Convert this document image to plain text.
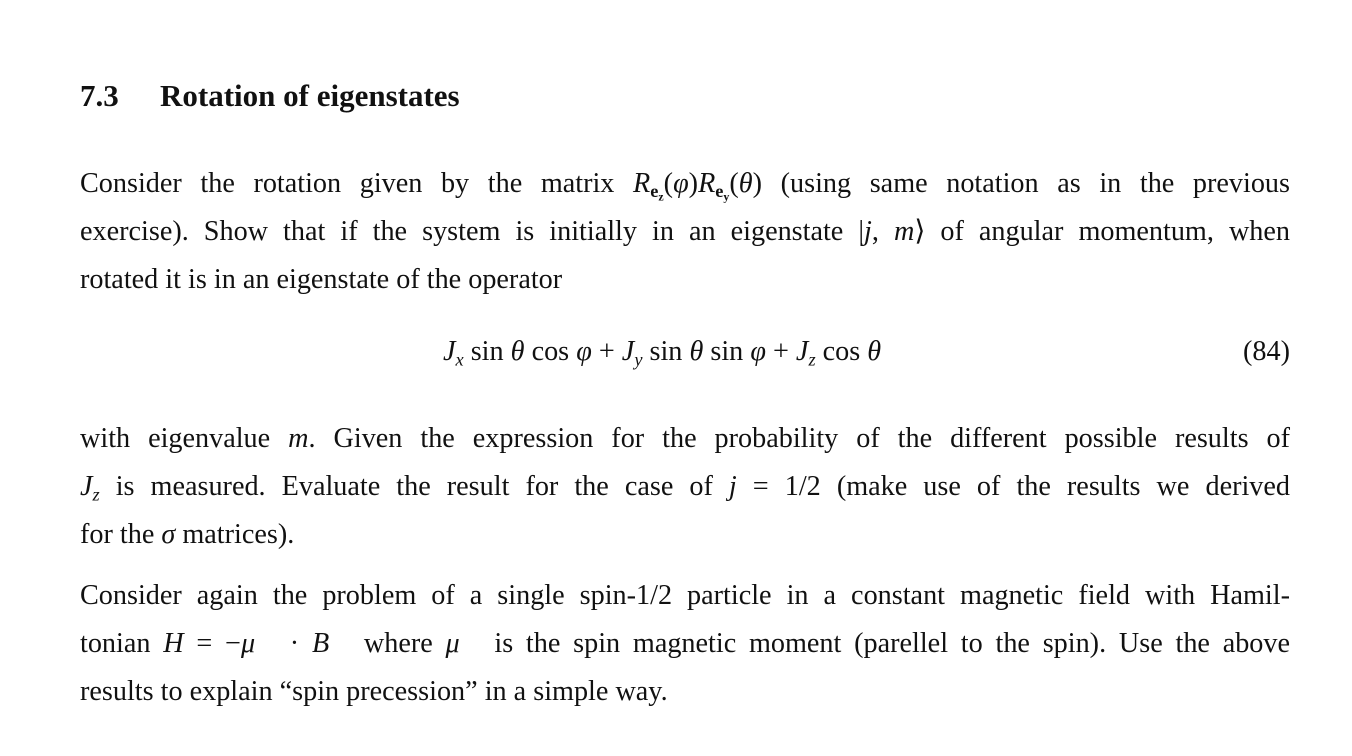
7.3 Rotation of eigenstates
Consider the rotation given by the matrix $R_{e_z}(\varphi)R_{e_y}(\theta)$ (using same notation as in the previous
exercise). Show that if the system is initially in an eigenstate |j, m⟩ of angular momentum, when
rotated it is in an eigenstate of the operator
$J_x$ sin θ $\cos \varphi + J_y$ sin θ $\sin \varphi + J_z$ cos θ	(84)
with eigenvalue m. Given the expression for the probability of the different possible results of
$J_z$ is measured. Evaluate the result for the case of j = 1/2 (make use of the results we derived
for the σ matrices).
Consider again the problem of a single spin-1/2 particle in a constant magnetic field with Hamil-
tonian H = −μ⃗ · B⃗ where μ⃗ is the spin magnetic moment (parellel to the spin). Use the above
results to explain “spin precession” in a simple way.
